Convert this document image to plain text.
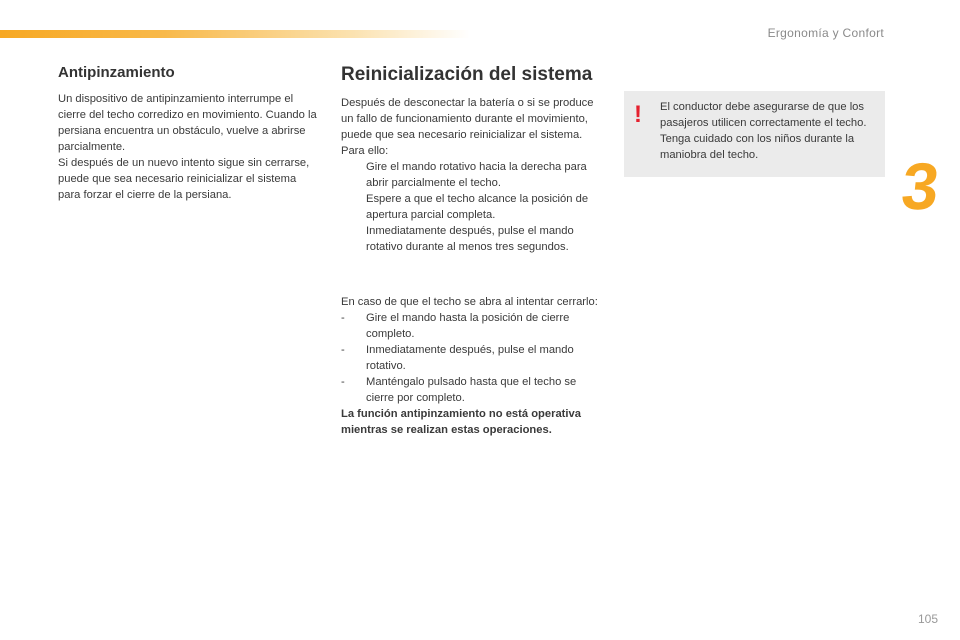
Ergonomía y Confort
3
Antipinzamiento

Un dispositivo de antipinzamiento interrumpe el cierre del techo corredizo en movimiento. Cuando la persiana encuentra un obstáculo, vuelve a abrirse parcialmente.

Si después de un nuevo intento sigue sin cerrarse, puede que sea necesario reinicializar el sistema para forzar el cierre de la persiana.

Reinicialización del sistema

Después de desconectar la batería o si se produce un fallo de funcionamiento durante el movimiento, puede que sea necesario reinicializar el sistema. Para ello:

Gire el mando rotativo hacia la derecha para abrir parcialmente el techo.
Espere a que el techo alcance la posición de apertura parcial completa.
Inmediatamente después, pulse el mando rotativo durante al menos tres segundos.

En caso de que el techo se abra al intentar cerrarlo:

-	Gire el mando hasta la posición de cierre completo.
-	Inmediatamente después, pulse el mando rotativo.
-	Manténgalo pulsado hasta que el techo se cierre por completo.

La función antipinzamiento no está operativa mientras se realizan estas operaciones.

! El conductor debe asegurarse de que los pasajeros utilicen correctamente el techo. Tenga cuidado con los niños durante la maniobra del techo.

105
